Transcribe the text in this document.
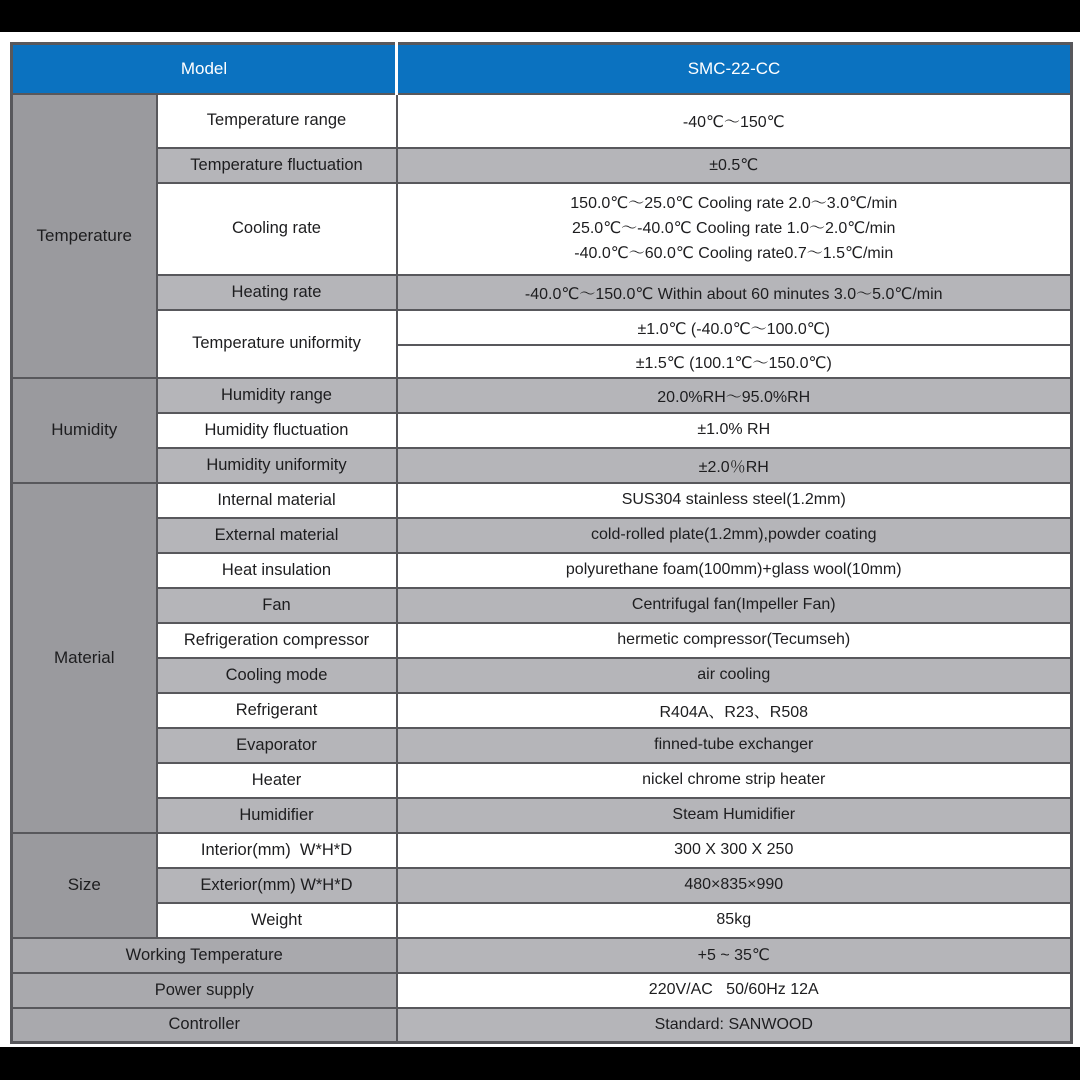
Model		SMC-22-CC
Temperature	Temperature range	-40℃～150℃
	Temperature fluctuation	±0.5℃
	Cooling rate	150.0℃～25.0℃ Cooling rate 2.0～3.0℃/min
25.0℃～-40.0℃ Cooling rate 1.0～2.0℃/min
-40.0℃～60.0℃ Cooling rate0.7～1.5℃/min

	Heating rate	-40.0℃～150.0℃ Within about 60 minutes 3.0～5.0℃/min
	Temperature uniformity	±1.0℃ (-40.0℃～100.0℃)
		±1.5℃ (100.1℃～150.0℃)
Humidity	Humidity range	20.0%RH～95.0%RH
	Humidity fluctuation	±1.0% RH
	Humidity uniformity	±2.0％RH
Material	Internal material	SUS304 stainless steel(1.2mm)
	External material	cold-rolled plate(1.2mm),powder coating
	Heat insulation	polyurethane foam(100mm)+glass wool(10mm)
	Fan	Centrifugal fan(Impeller Fan)
	Refrigeration compressor	hermetic compressor(Tecumseh)
	Cooling mode	air cooling
	Refrigerant	R404A、R23、R508
	Evaporator	finned-tube exchanger
	Heater	nickel chrome strip heater
	Humidifier	Steam Humidifier
Size	Interior(mm)  W*H*D	300 X 300 X 250
	Exterior(mm) W*H*D	480×835×990
	Weight	85kg
Working Temperature		+5 ~ 35℃
Power supply		220V/AC   50/60Hz 12A
Controller		Standard: SANWOOD
